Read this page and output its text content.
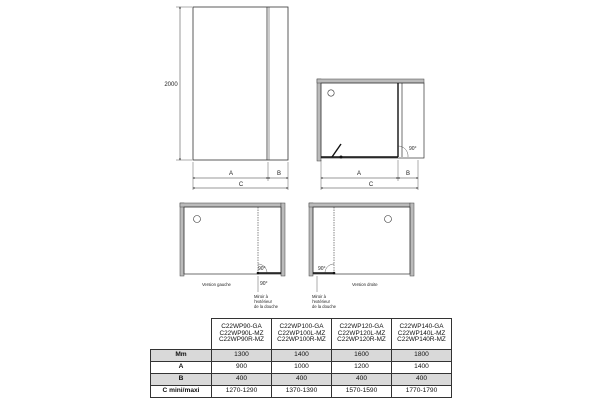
2000
A	B
C
90°
A	B
C
90°
90°
Version gauche
Miroir à
l'extérieur
de la douche
90°
Version droite
Miroir à
l'extérieur
de la douche

	C22WP90-GA
C22WP90L-MZ
C22WP90R-MZ	C22WP100-GA
C22WP100L-MZ
C22WP100R-MZ	C22WP120-GA
C22WP120L-MZ
C22WP120R-MZ	C22WP140-GA
C22WP140L-MZ
C22WP140R-MZ

Mm	1300	1400	1600	1800
A	900	1000	1200	1400
B	400	400	400	400
C mini/maxi	1270-1290	1370-1390	1570-1590	1770-1790
